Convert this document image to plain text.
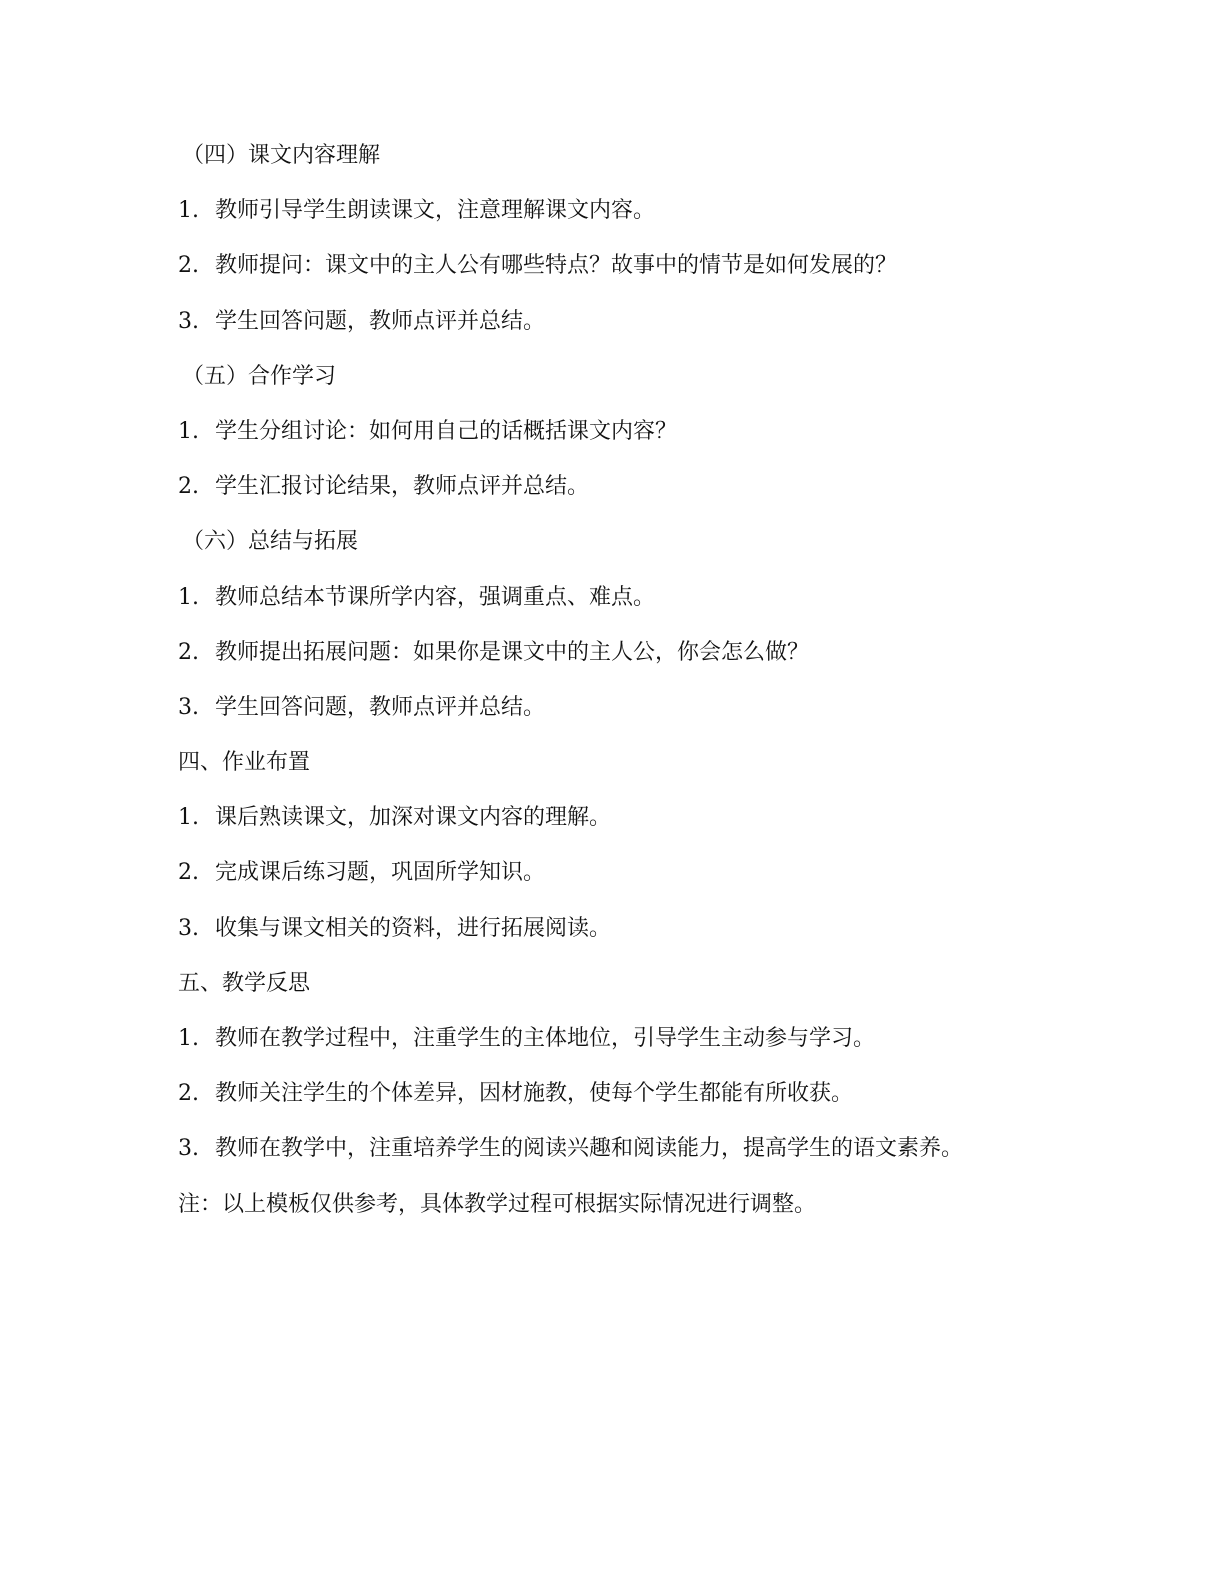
（四）课文内容理解
1. 教师引导学生朗读课文，注意理解课文内容。
2. 教师提问：课文中的主人公有哪些特点？故事中的情节是如何发展的？
3. 学生回答问题，教师点评并总结。
（五）合作学习
1. 学生分组讨论：如何用自己的话概括课文内容？
2. 学生汇报讨论结果，教师点评并总结。
（六）总结与拓展
1. 教师总结本节课所学内容，强调重点、难点。
2. 教师提出拓展问题：如果你是课文中的主人公，你会怎么做？
3. 学生回答问题，教师点评并总结。
四、作业布置
1. 课后熟读课文，加深对课文内容的理解。
2. 完成课后练习题，巩固所学知识。
3. 收集与课文相关的资料，进行拓展阅读。
五、教学反思
1. 教师在教学过程中，注重学生的主体地位，引导学生主动参与学习。
2. 教师关注学生的个体差异，因材施教，使每个学生都能有所收获。
3. 教师在教学中，注重培养学生的阅读兴趣和阅读能力，提高学生的语文素养。
注：以上模板仅供参考，具体教学过程可根据实际情况进行调整。
